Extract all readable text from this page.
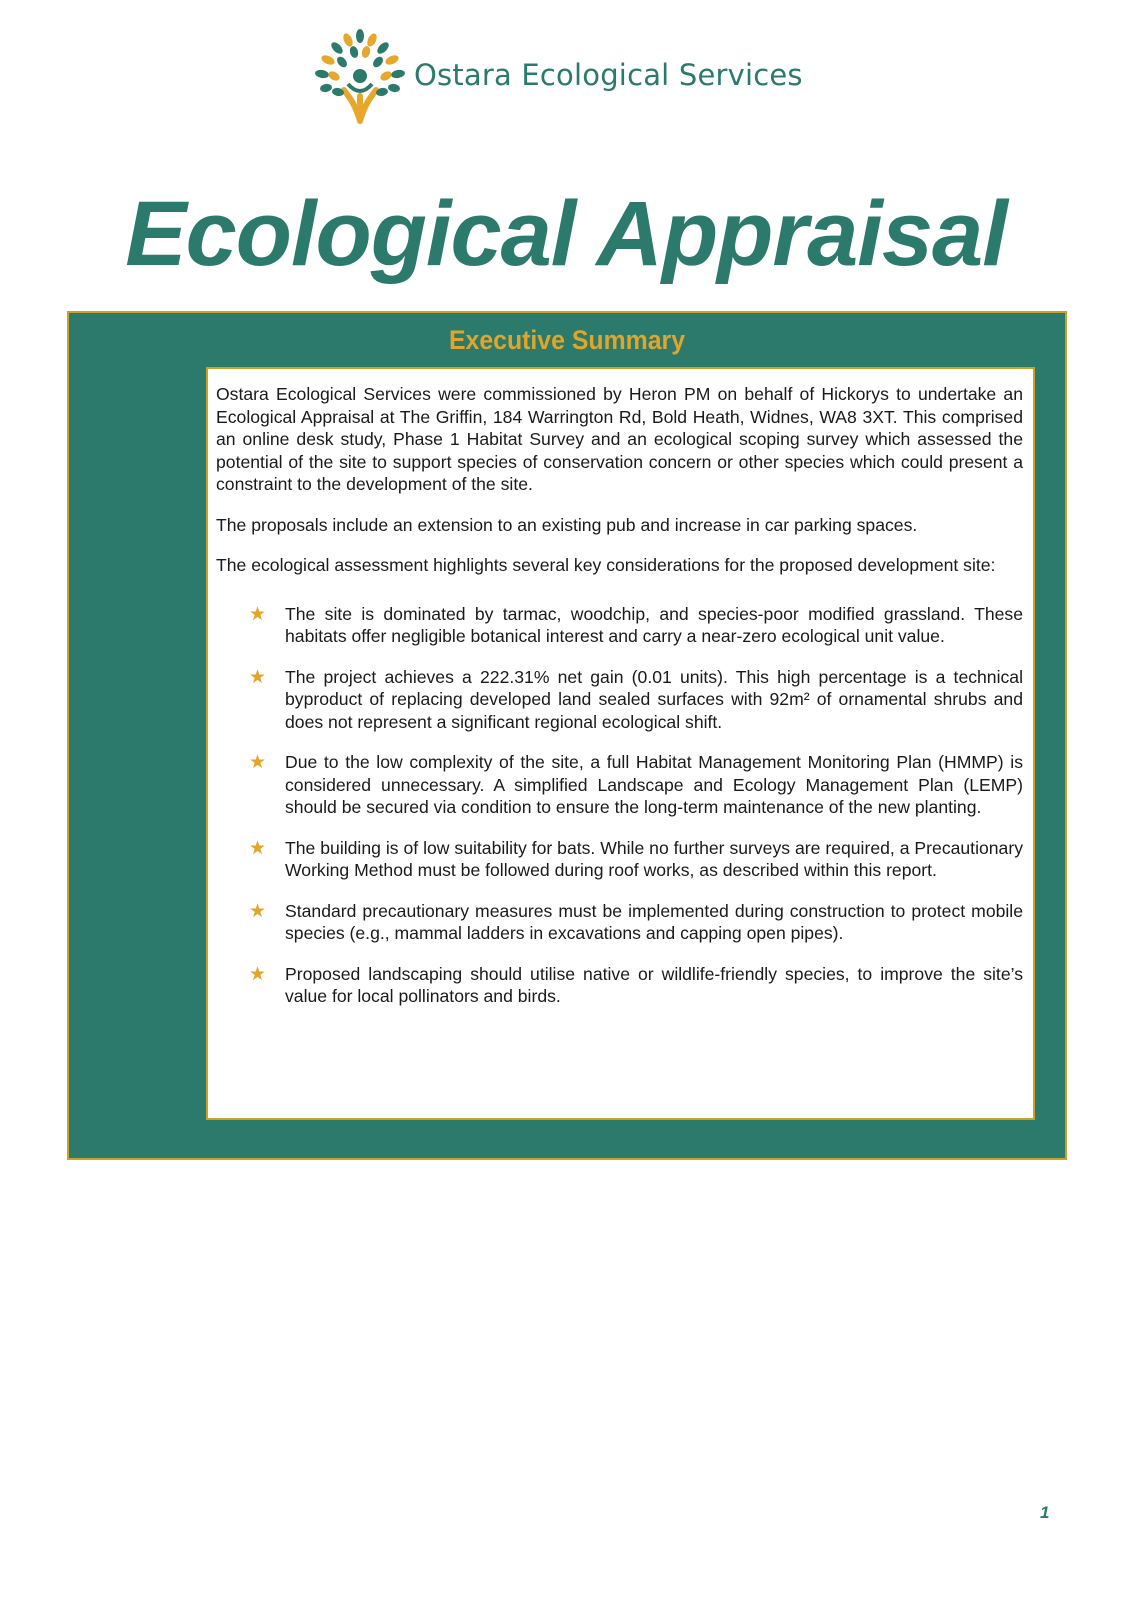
Ostara Ecological Services
Ecological Appraisal
Executive Summary

Ostara Ecological Services were commissioned by Heron PM on behalf of Hickorys to undertake an Ecological Appraisal at The Griffin, 184 Warrington Rd, Bold Heath, Widnes, WA8 3XT. This comprised an online desk study, Phase 1 Habitat Survey and an ecological scoping survey which assessed the potential of the site to support species of conservation concern or other species which could present a constraint to the development of the site.

The proposals include an extension to an existing pub and increase in car parking spaces.

The ecological assessment highlights several key considerations for the proposed development site:

★ The site is dominated by tarmac, woodchip, and species-poor modified grassland. These habitats offer negligible botanical interest and carry a near-zero ecological unit value.
★ The project achieves a 222.31% net gain (0.01 units). This high percentage is a technical byproduct of replacing developed land sealed surfaces with 92m² of ornamental shrubs and does not represent a significant regional ecological shift.
★ Due to the low complexity of the site, a full Habitat Management Monitoring Plan (HMMP) is considered unnecessary. A simplified Landscape and Ecology Management Plan (LEMP) should be secured via condition to ensure the long-term maintenance of the new planting.
★ The building is of low suitability for bats. While no further surveys are required, a Precautionary Working Method must be followed during roof works, as described within this report.
★ Standard precautionary measures must be implemented during construction to protect mobile species (e.g., mammal ladders in excavations and capping open pipes).
★ Proposed landscaping should utilise native or wildlife-friendly species, to improve the site’s value for local pollinators and birds.
1
